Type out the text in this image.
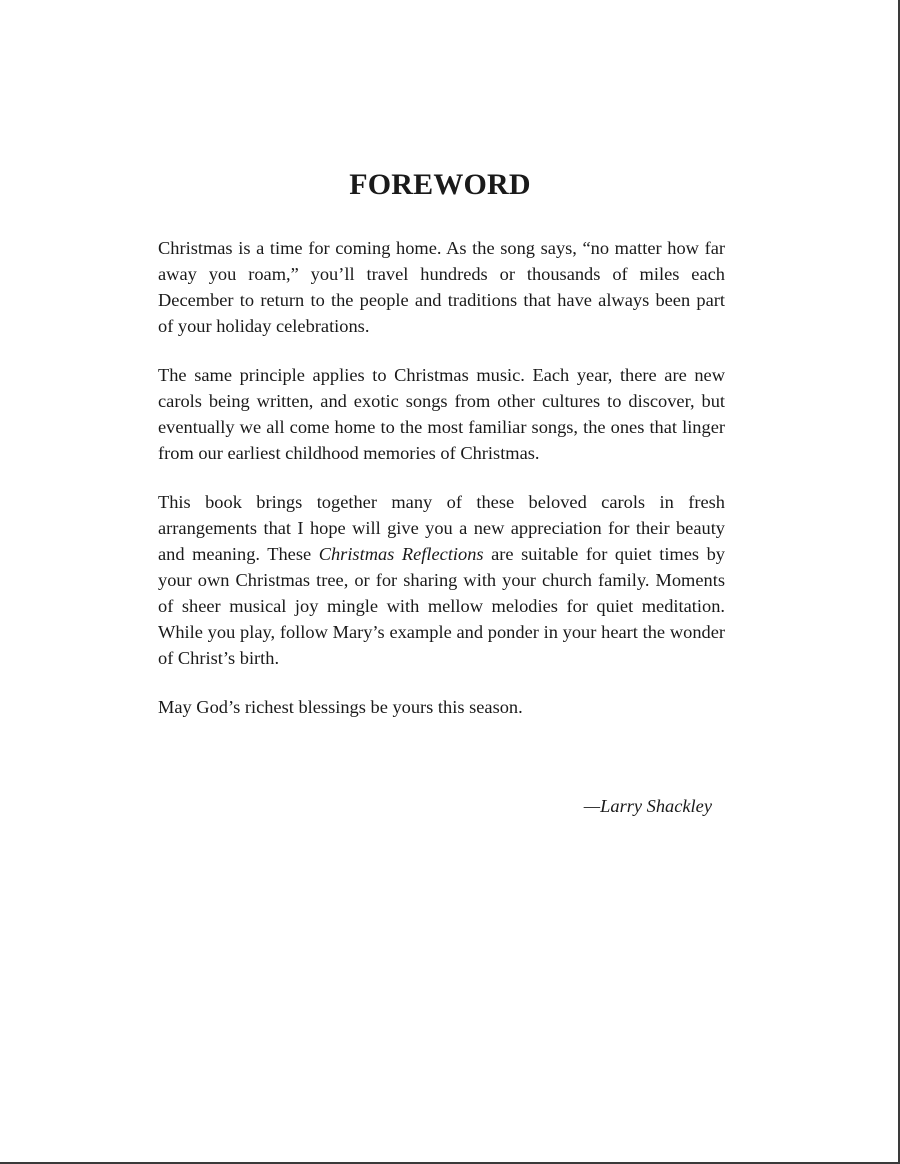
FOREWORD

Christmas is a time for coming home. As the song says, “no matter how far away you roam,” you’ll travel hundreds or thousands of miles each December to return to the people and traditions that have always been part of your holiday celebrations.

The same principle applies to Christmas music. Each year, there are new carols being written, and exotic songs from other cultures to discover, but eventually we all come home to the most familiar songs, the ones that linger from our earliest childhood memories of Christmas.

This book brings together many of these beloved carols in fresh arrangements that I hope will give you a new appreciation for their beauty and meaning. These Christmas Reflections are suitable for quiet times by your own Christmas tree, or for sharing with your church family. Moments of sheer musical joy mingle with mellow melodies for quiet meditation. While you play, follow Mary’s example and ponder in your heart the wonder of Christ’s birth.

May God’s richest blessings be yours this season.

—Larry Shackley
